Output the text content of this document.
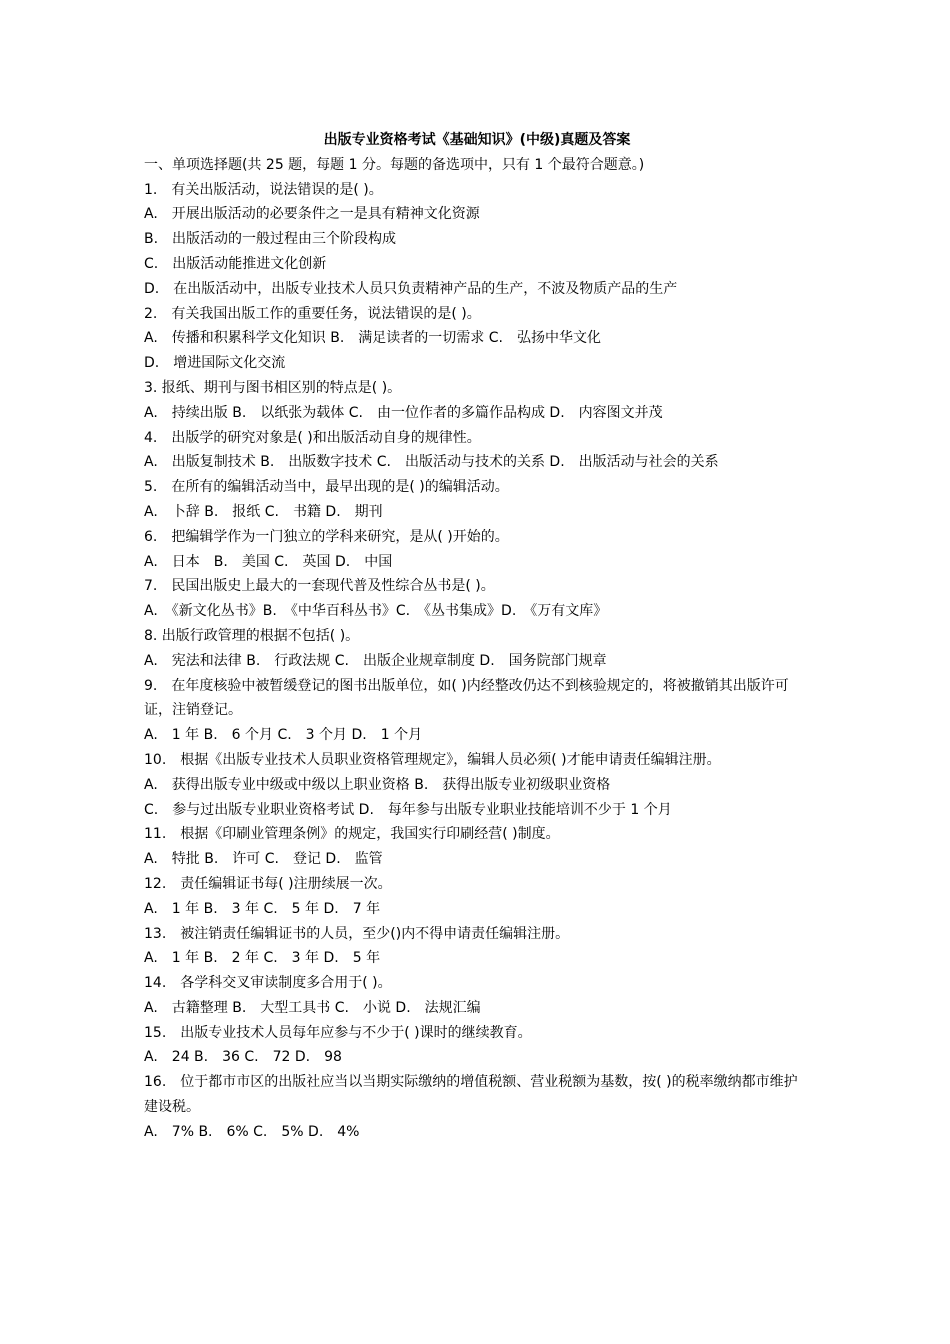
出版专业资格考试《基础知识》(中级)真题及答案

一、单项选择题(共 25 题，每题 1 分。每题的备选项中，只有 1 个最符合题意。)

1.　有关出版活动，说法错误的是( )。

A.　开展出版活动的必要条件之一是具有精神文化资源

B.　出版活动的一般过程由三个阶段构成

C.　出版活动能推进文化创新

D.　在出版活动中，出版专业技术人员只负责精神产品的生产，不波及物质产品的生产

2.　有关我国出版工作的重要任务，说法错误的是( )。

A.　传播和积累科学文化知识 B.　满足读者的一切需求 C.　弘扬中华文化

D.　增进国际文化交流

3. 报纸、期刊与图书相区别的特点是( )。

A.　持续出版 B.　以纸张为载体 C.　由一位作者的多篇作品构成 D.　内容图文并茂

4.　出版学的研究对象是( )和出版活动自身的规律性。

A.　出版复制技术 B.　出版数字技术 C.　出版活动与技术的关系 D.　出版活动与社会的关系

5.　在所有的编辑活动当中，最早出现的是( )的编辑活动。

A.　卜辞 B.　报纸 C.　书籍 D.　期刊

6.　把编辑学作为一门独立的学科来研究，是从( )开始的。

A.　日本　B.　美国 C.　英国 D.　中国

7.　民国出版史上最大的一套现代普及性综合丛书是( )。

A.　《新文化丛书》B.　《中华百科丛书》C.　《丛书集成》D.　《万有文库》

8. 出版行政管理的根据不包括( )。

A.　宪法和法律 B.　行政法规 C.　出版企业规章制度 D.　国务院部门规章

9.　在年度核验中被暂缓登记的图书出版单位，如( )内经整改仍达不到核验规定的，将被撤销其出版许可证，注销登记。

A.　1 年 B.　6 个月 C.　3 个月 D.　1 个月

10.　根据《出版专业技术人员职业资格管理规定》，编辑人员必须( )才能申请责任编辑注册。

A.　获得出版专业中级或中级以上职业资格 B.　获得出版专业初级职业资格

C.　参与过出版专业职业资格考试 D.　每年参与出版专业职业技能培训不少于 1 个月

11.　根据《印刷业管理条例》的规定，我国实行印刷经营( )制度。

A.　特批 B.　许可 C.　登记 D.　监管

12.　责任编辑证书每( )注册续展一次。

A.　1 年 B.　3 年 C.　5 年 D.　7 年

13.　被注销责任编辑证书的人员，至少()内不得申请责任编辑注册。

A.　1 年 B.　2 年 C.　3 年 D.　5 年

14.　各学科交叉审读制度多合用于( )。

A.　古籍整理 B.　大型工具书 C.　小说 D.　法规汇编

15.　出版专业技术人员每年应参与不少于( )课时的继续教育。

A.　24 B.　36 C.　72 D.　98

16.　位于都市市区的出版社应当以当期实际缴纳的增值税额、营业税额为基数，按( )的税率缴纳都市维护建设税。

A.　7% B.　6% C.　5% D.　4%
